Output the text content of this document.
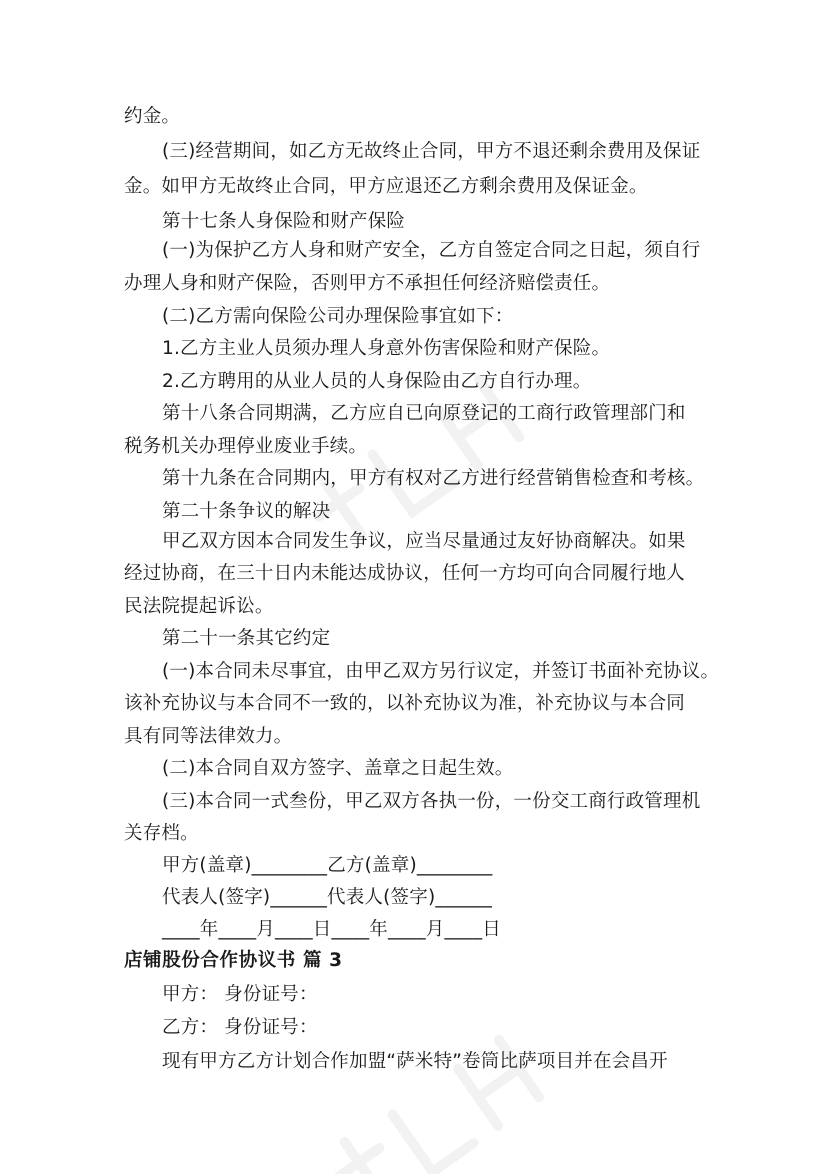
约金。
(三)经营期间，如乙方无故终止合同，甲方不退还剩余费用及保证
金。如甲方无故终止合同，甲方应退还乙方剩余费用及保证金。
第十七条人身保险和财产保险
(一)为保护乙方人身和财产安全，乙方自签定合同之日起，须自行
办理人身和财产保险，否则甲方不承担任何经济赔偿责任。
(二)乙方需向保险公司办理保险事宜如下：
1.乙方主业人员须办理人身意外伤害保险和财产保险。
2.乙方聘用的从业人员的人身保险由乙方自行办理。
第十八条合同期满，乙方应自已向原登记的工商行政管理部门和
税务机关办理停业废业手续。
第十九条在合同期内，甲方有权对乙方进行经营销售检查和考核。
第二十条争议的解决
甲乙双方因本合同发生争议，应当尽量通过友好协商解决。如果
经过协商，在三十日内未能达成协议，任何一方均可向合同履行地人
民法院提起诉讼。
第二十一条其它约定
(一)本合同未尽事宜，由甲乙双方另行议定，并签订书面补充协议。
该补充协议与本合同不一致的，以补充协议为准，补充协议与本合同
具有同等法律效力。
(二)本合同自双方签字、盖章之日起生效。
(三)本合同一式叁份，甲乙双方各执一份，一份交工商行政管理机
关存档。
甲方(盖章)________乙方(盖章)________
代表人(签字)______代表人(签字)______
____年____月____日____年____月____日
店铺股份合作协议书 篇 3
甲方： 身份证号：
乙方： 身份证号：
现有甲方乙方计划合作加盟“萨米特”卷筒比萨项目并在会昌开
